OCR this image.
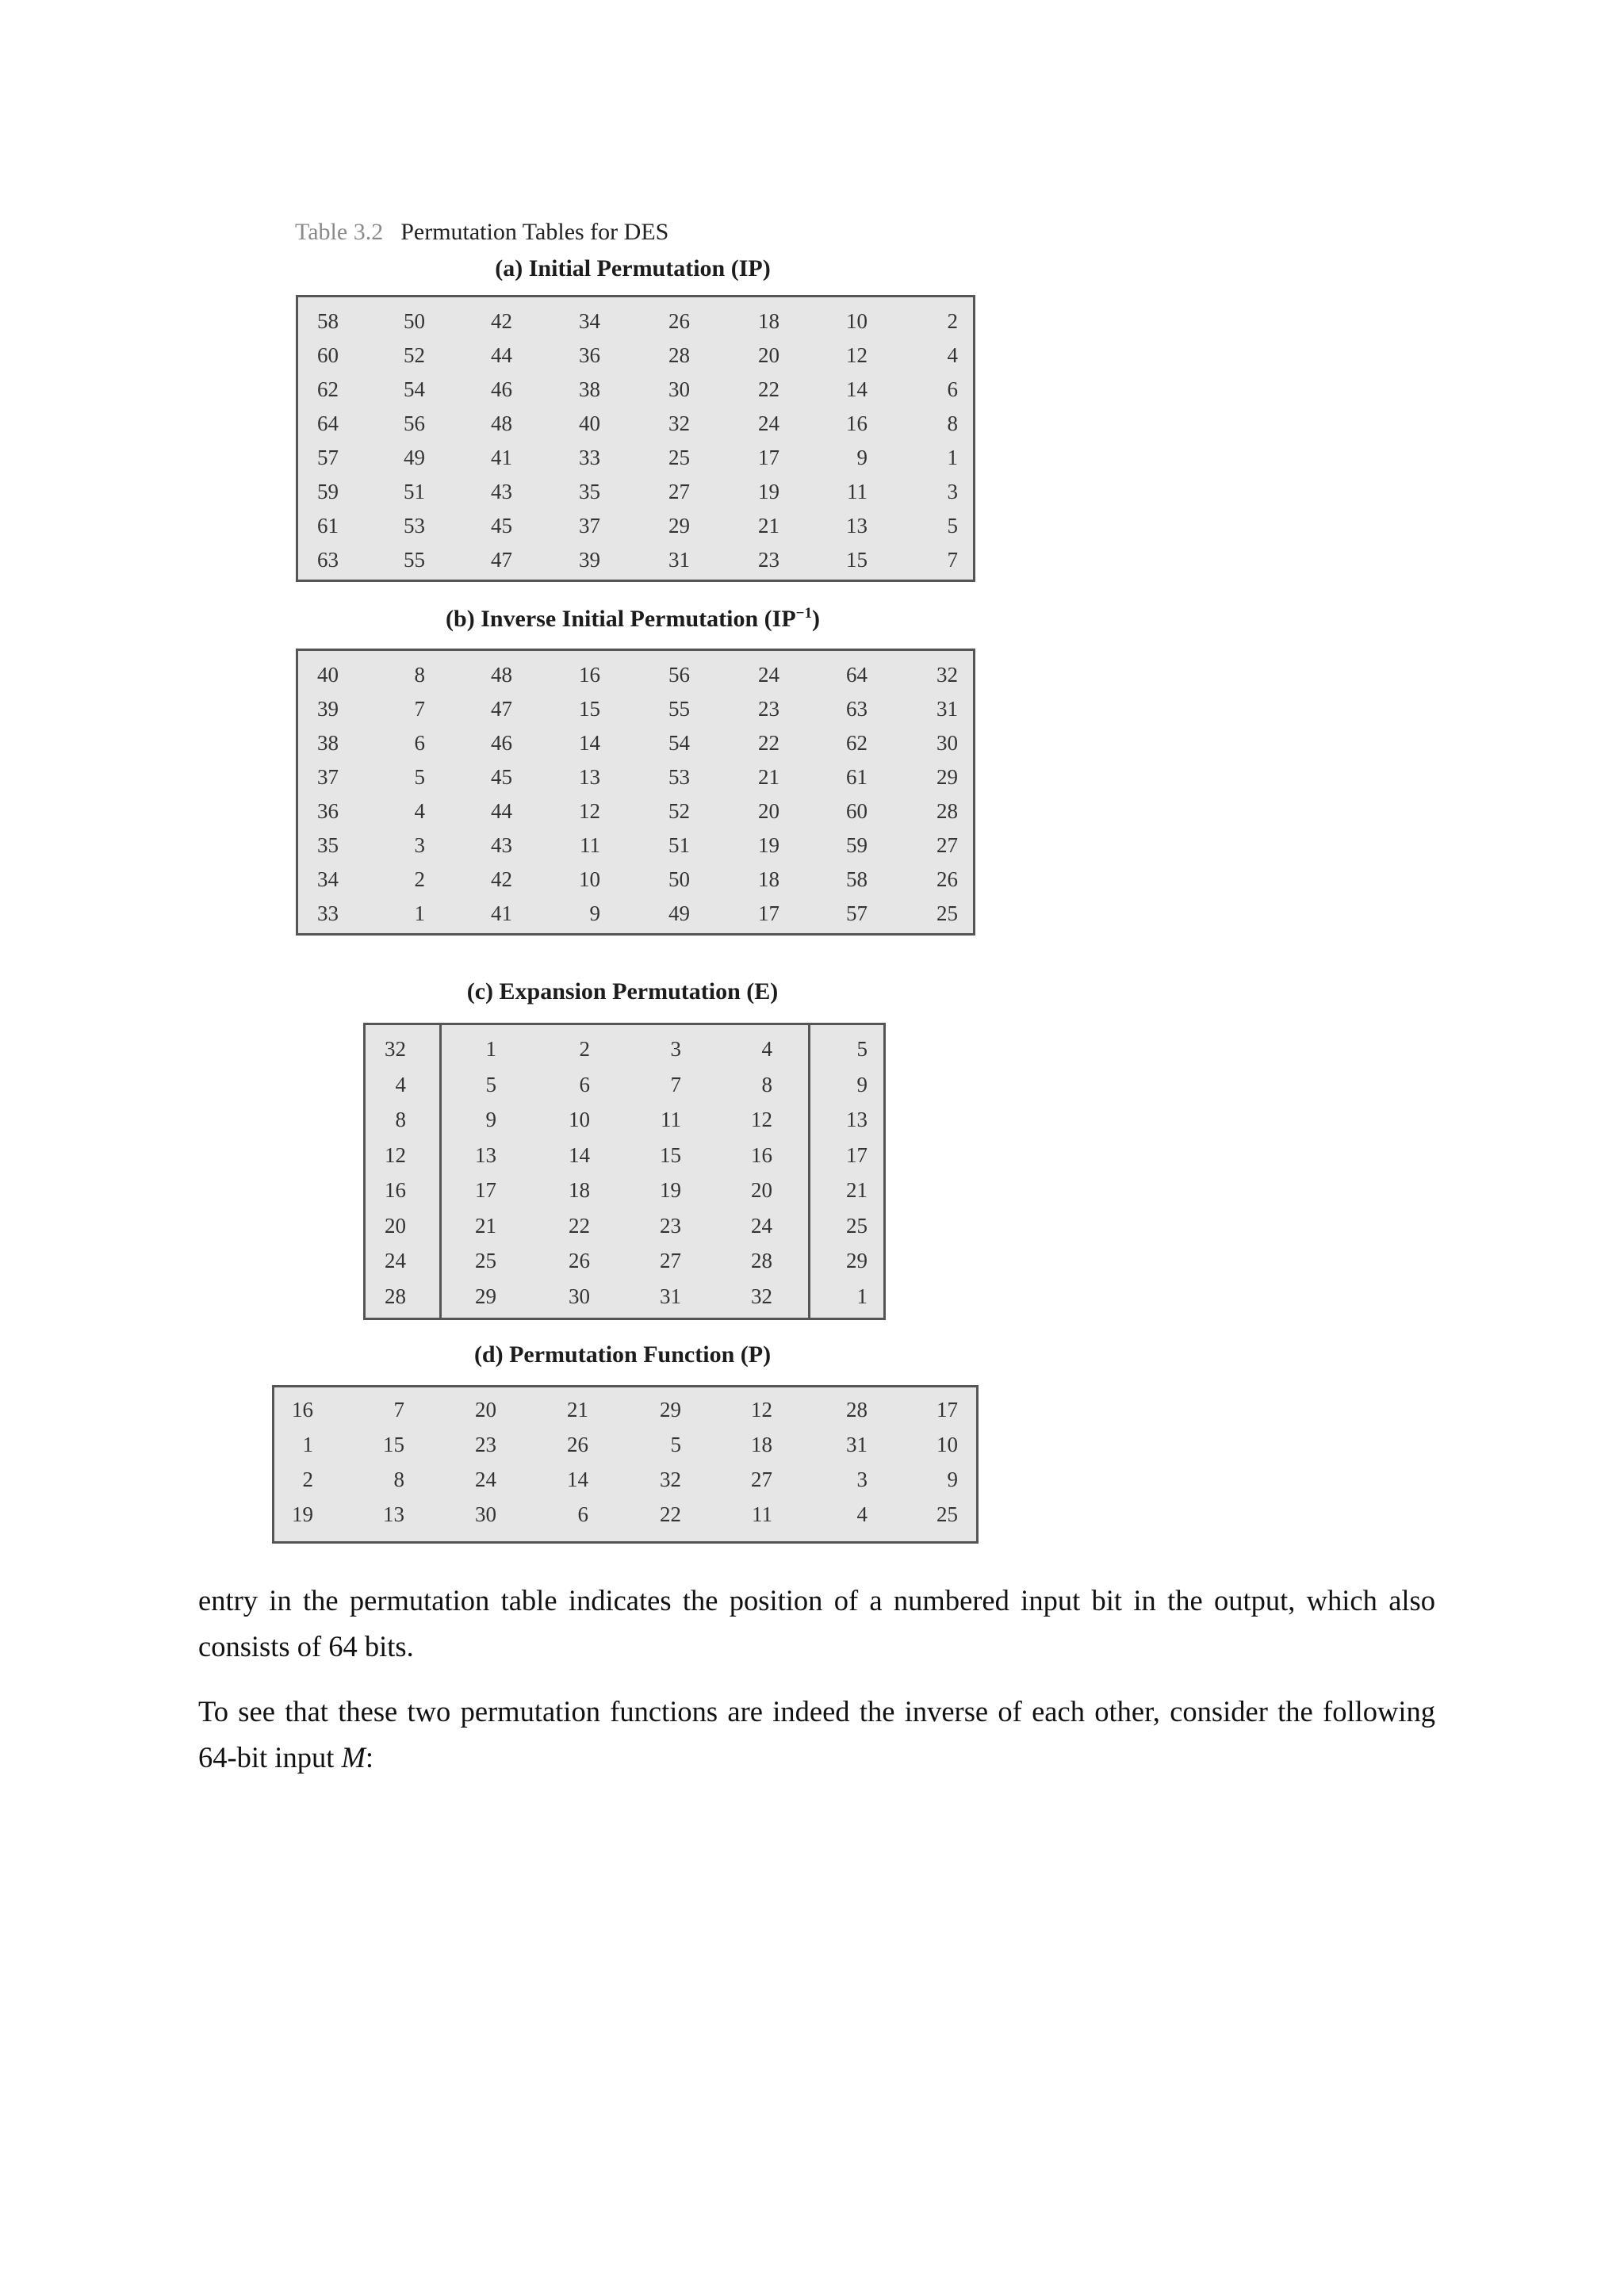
Table 3.2 Permutation Tables for DES
(a) Initial Permutation (IP)
58	50	42	34	26	18	10	2
60	52	44	36	28	20	12	4
62	54	46	38	30	22	14	6
64	56	48	40	32	24	16	8
57	49	41	33	25	17	9	1
59	51	43	35	27	19	11	3
61	53	45	37	29	21	13	5
63	55	47	39	31	23	15	7
(b) Inverse Initial Permutation $(IP^{-1})$
40	8	48	16	56	24	64	32
39	7	47	15	55	23	63	31
38	6	46	14	54	22	62	30
37	5	45	13	53	21	61	29
36	4	44	12	52	20	60	28
35	3	43	11	51	19	59	27
34	2	42	10	50	18	58	26
33	1	41	9	49	17	57	25
(c) Expansion Permutation (E)
32	1	2	3	4	5
4	5	6	7	8	9
8	9	10	11	12	13
12	13	14	15	16	17
16	17	18	19	20	21
20	21	22	23	24	25
24	25	26	27	28	29
28	29	30	31	32	1
(d) Permutation Function (P)
16	7	20	21	29	12	28	17
1	15	23	26	5	18	31	10
2	8	24	14	32	27	3	9
19	13	30	6	22	11	4	25

entry in the permutation table indicates the position of a numbered input bit in the output, which also consists of 64 bits.

To see that these two permutation functions are indeed the inverse of each other, consider the following 64-bit input M:
